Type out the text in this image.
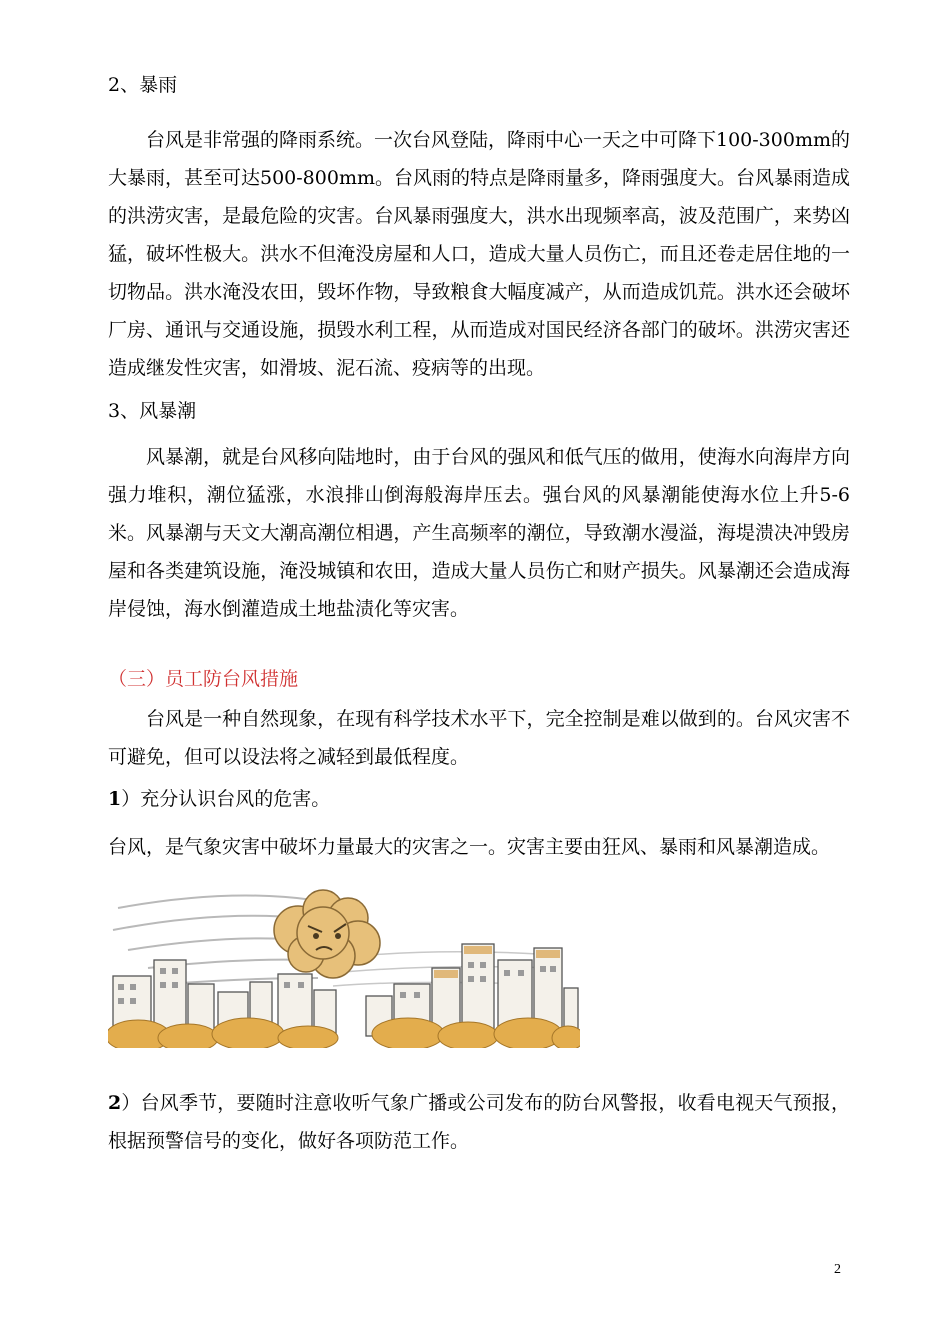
2、暴雨
台风是非常强的降雨系统。一次台风登陆，降雨中心一天之中可降下100-300mm的大暴雨，甚至可达500-800mm。台风雨的特点是降雨量多，降雨强度大。台风暴雨造成的洪涝灾害，是最危险的灾害。台风暴雨强度大，洪水出现频率高，波及范围广，来势凶猛，破坏性极大。洪水不但淹没房屋和人口，造成大量人员伤亡，而且还卷走居住地的一切物品。洪水淹没农田，毁坏作物，导致粮食大幅度减产，从而造成饥荒。洪水还会破坏厂房、通讯与交通设施，损毁水利工程，从而造成对国民经济各部门的破坏。洪涝灾害还造成继发性灾害，如滑坡、泥石流、疫病等的出现。
3、风暴潮
风暴潮，就是台风移向陆地时，由于台风的强风和低气压的做用，使海水向海岸方向强力堆积，潮位猛涨，水浪排山倒海般海岸压去。强台风的风暴潮能使海水位上升5-6米。风暴潮与天文大潮高潮位相遇，产生高频率的潮位，导致潮水漫溢，海堤溃决冲毁房屋和各类建筑设施，淹没城镇和农田，造成大量人员伤亡和财产损失。风暴潮还会造成海岸侵蚀，海水倒灌造成土地盐渍化等灾害。
（三）员工防台风措施
台风是一种自然现象，在现有科学技术水平下，完全控制是难以做到的。台风灾害不可避免，但可以设法将之减轻到最低程度。
1）充分认识台风的危害。
台风，是气象灾害中破坏力量最大的灾害之一。灾害主要由狂风、暴雨和风暴潮造成。
2）台风季节，要随时注意收听气象广播或公司发布的防台风警报，收看电视天气预报，根据预警信号的变化，做好各项防范工作。
2
